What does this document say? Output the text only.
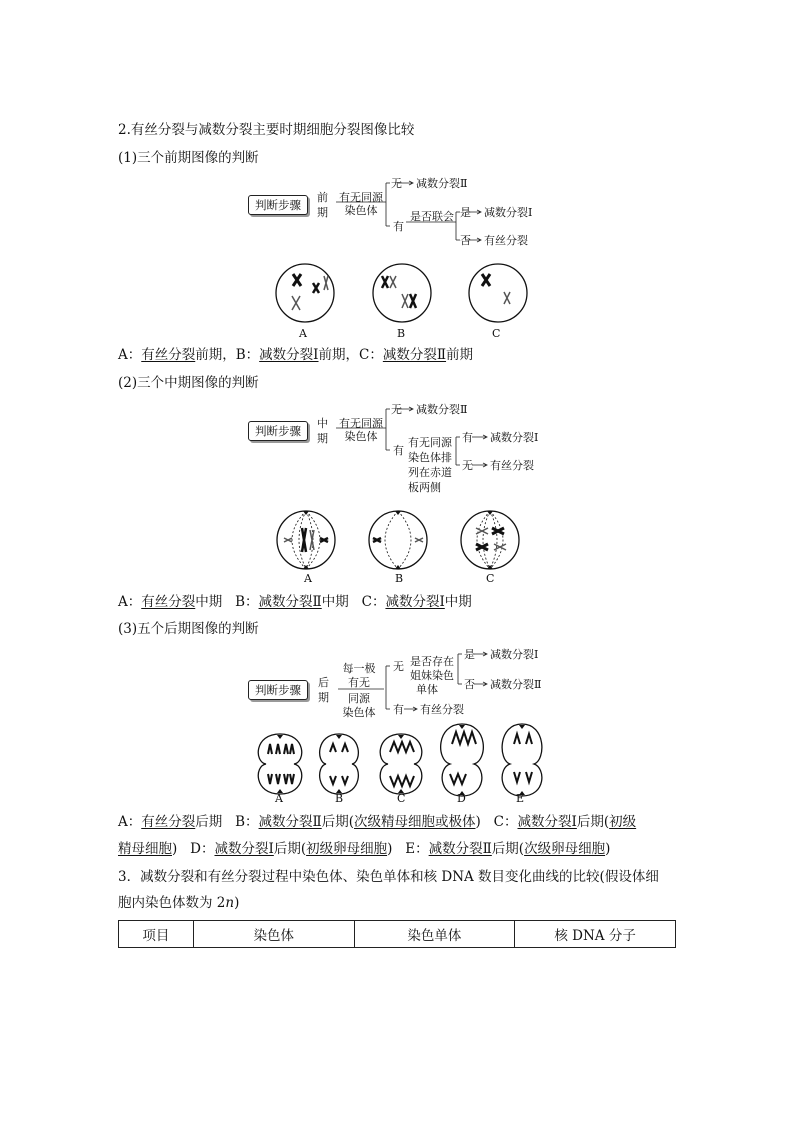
2.有丝分裂与减数分裂主要时期细胞分裂图像比较
(1)三个前期图像的判断
判断步骤
前
期
有无同源
染色体
无 减数分裂Ⅱ
有
是否联会 是 减数分裂Ⅰ
否 有丝分裂
A	B	C
A：有丝分裂前期，B：减数分裂Ⅰ前期，C：减数分裂Ⅱ前期
(2)三个中期图像的判断
判断步骤
中
期
有无同源
染色体
无 减数分裂Ⅱ
有
有无同源
染色体排
列在赤道
板两侧
有 减数分裂Ⅰ
无 有丝分裂
A	B	C
A：有丝分裂中期 B：减数分裂Ⅱ中期 C：减数分裂Ⅰ中期
(3)五个后期图像的判断
判断步骤
后
期
每一极
有无
同源
染色体
无 是否存在
姐妹染色
单体
是 减数分裂Ⅰ
否 减数分裂Ⅱ
有 有丝分裂
A	B	C	D	E
A：有丝分裂后期 B：减数分裂Ⅱ后期(次级精母细胞或极体) C：减数分裂Ⅰ后期(初级
精母细胞) D：减数分裂Ⅰ后期(初级卵母细胞) E：减数分裂Ⅱ后期(次级卵母细胞)
3．减数分裂和有丝分裂过程中染色体、染色单体和核 DNA 数目变化曲线的比较(假设体细
胞内染色体数为 2n)
项目	染色体	染色单体	核 DNA 分子
